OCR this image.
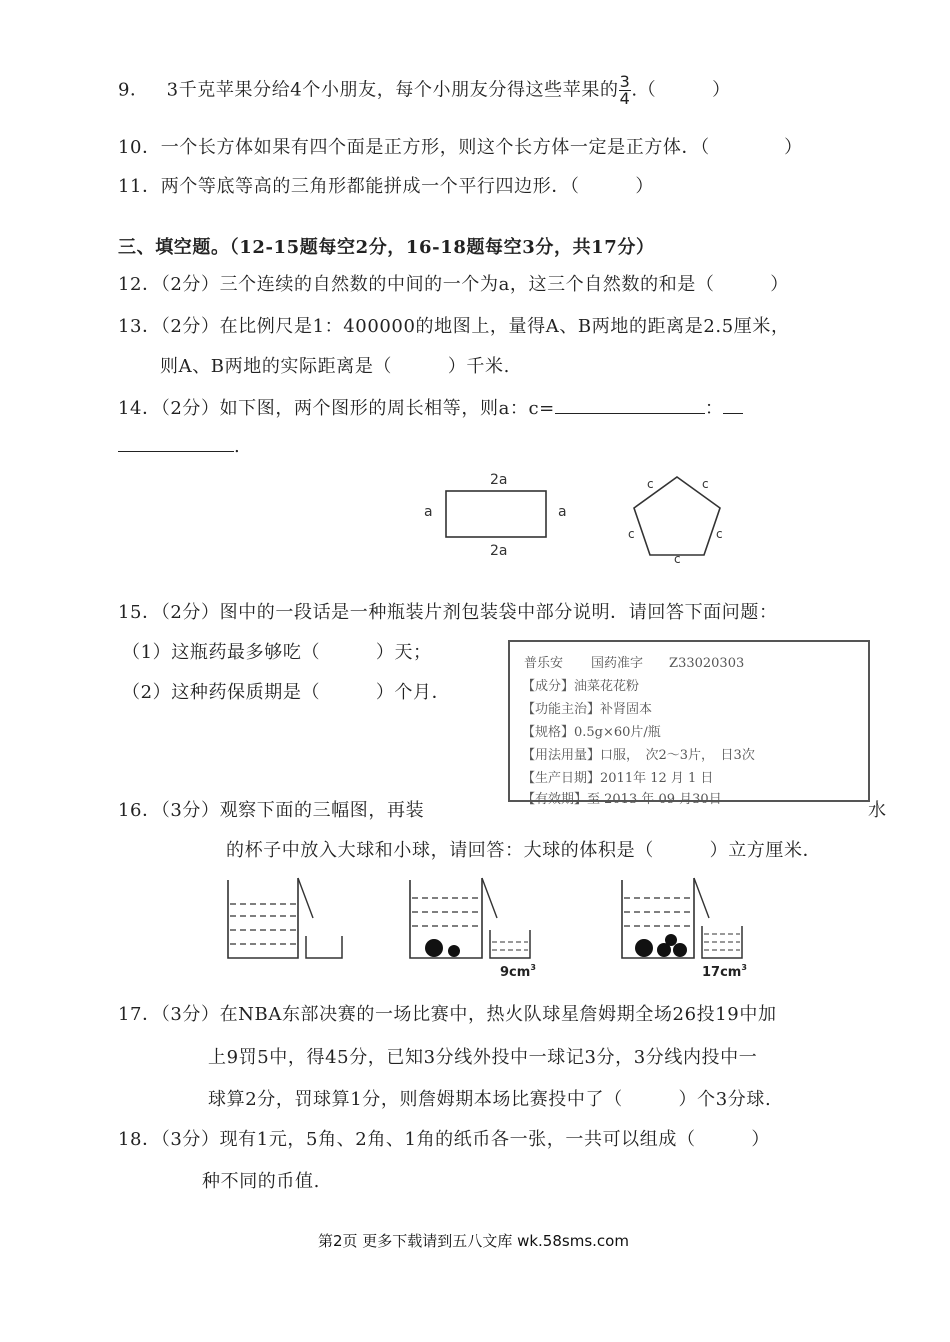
9． 3千克苹果分给4个小朋友，每个小朋友分得这些苹果的 $\frac{3}{4}$ .（　　　）
10．一个长方体如果有四个面是正方形，则这个长方体一定是正方体．（　　　　）
11．两个等底等高的三角形都能拼成一个平行四边形．（　　　）
三、填空题。（12-15题每空2分，16-18题每空3分，共17分）
12．（2分）三个连续的自然数的中间的一个为a，这三个自然数的和是（　　　）
13．（2分）在比例尺是1：400000的地图上，量得A、B两地的距离是2.5厘米，
则A、B两地的实际距离是（　　　）千米.
14．（2分）如下图，两个图形的周长相等，则a：c=	：
.
2a
2a
a	a
c	c
c	c
c
15．（2分）图中的一段话是一种瓶装片剂包装袋中部分说明．请回答下面问题：
（1）这瓶药最多够吃（　　　）天；
（2）这种药保质期是（　　　）个月．
普乐安 国药准字 Z33020303
【成分】油菜花花粉
【功能主治】补肾固本
【规格】0.5g×60片/瓶
【用法用量】口服，　次2～3片，　日3次
【生产日期】2011年 12 月 1 日
【有效期】至 2013 年 09 月30日
16．（3分）观察下面的三幅图，再装	水
的杯子中放入大球和小球，请回答：大球的体积是（　　　）立方厘米．
$9cm^3$	$17cm^3$
17．（3分）在NBA东部决赛的一场比赛中，热火队球星詹姆期全场26投19中加
上9罚5中，得45分，已知3分线外投中一球记3分，3分线内投中一
球算2分，罚球算1分，则詹姆期本场比赛投中了（　　　）个3分球.
18．（3分）现有1元，5角、2角、1角的纸币各一张，一共可以组成（　　　）
种不同的币值.
第2页 更多下载请到五八文库 wk.58sms.com
